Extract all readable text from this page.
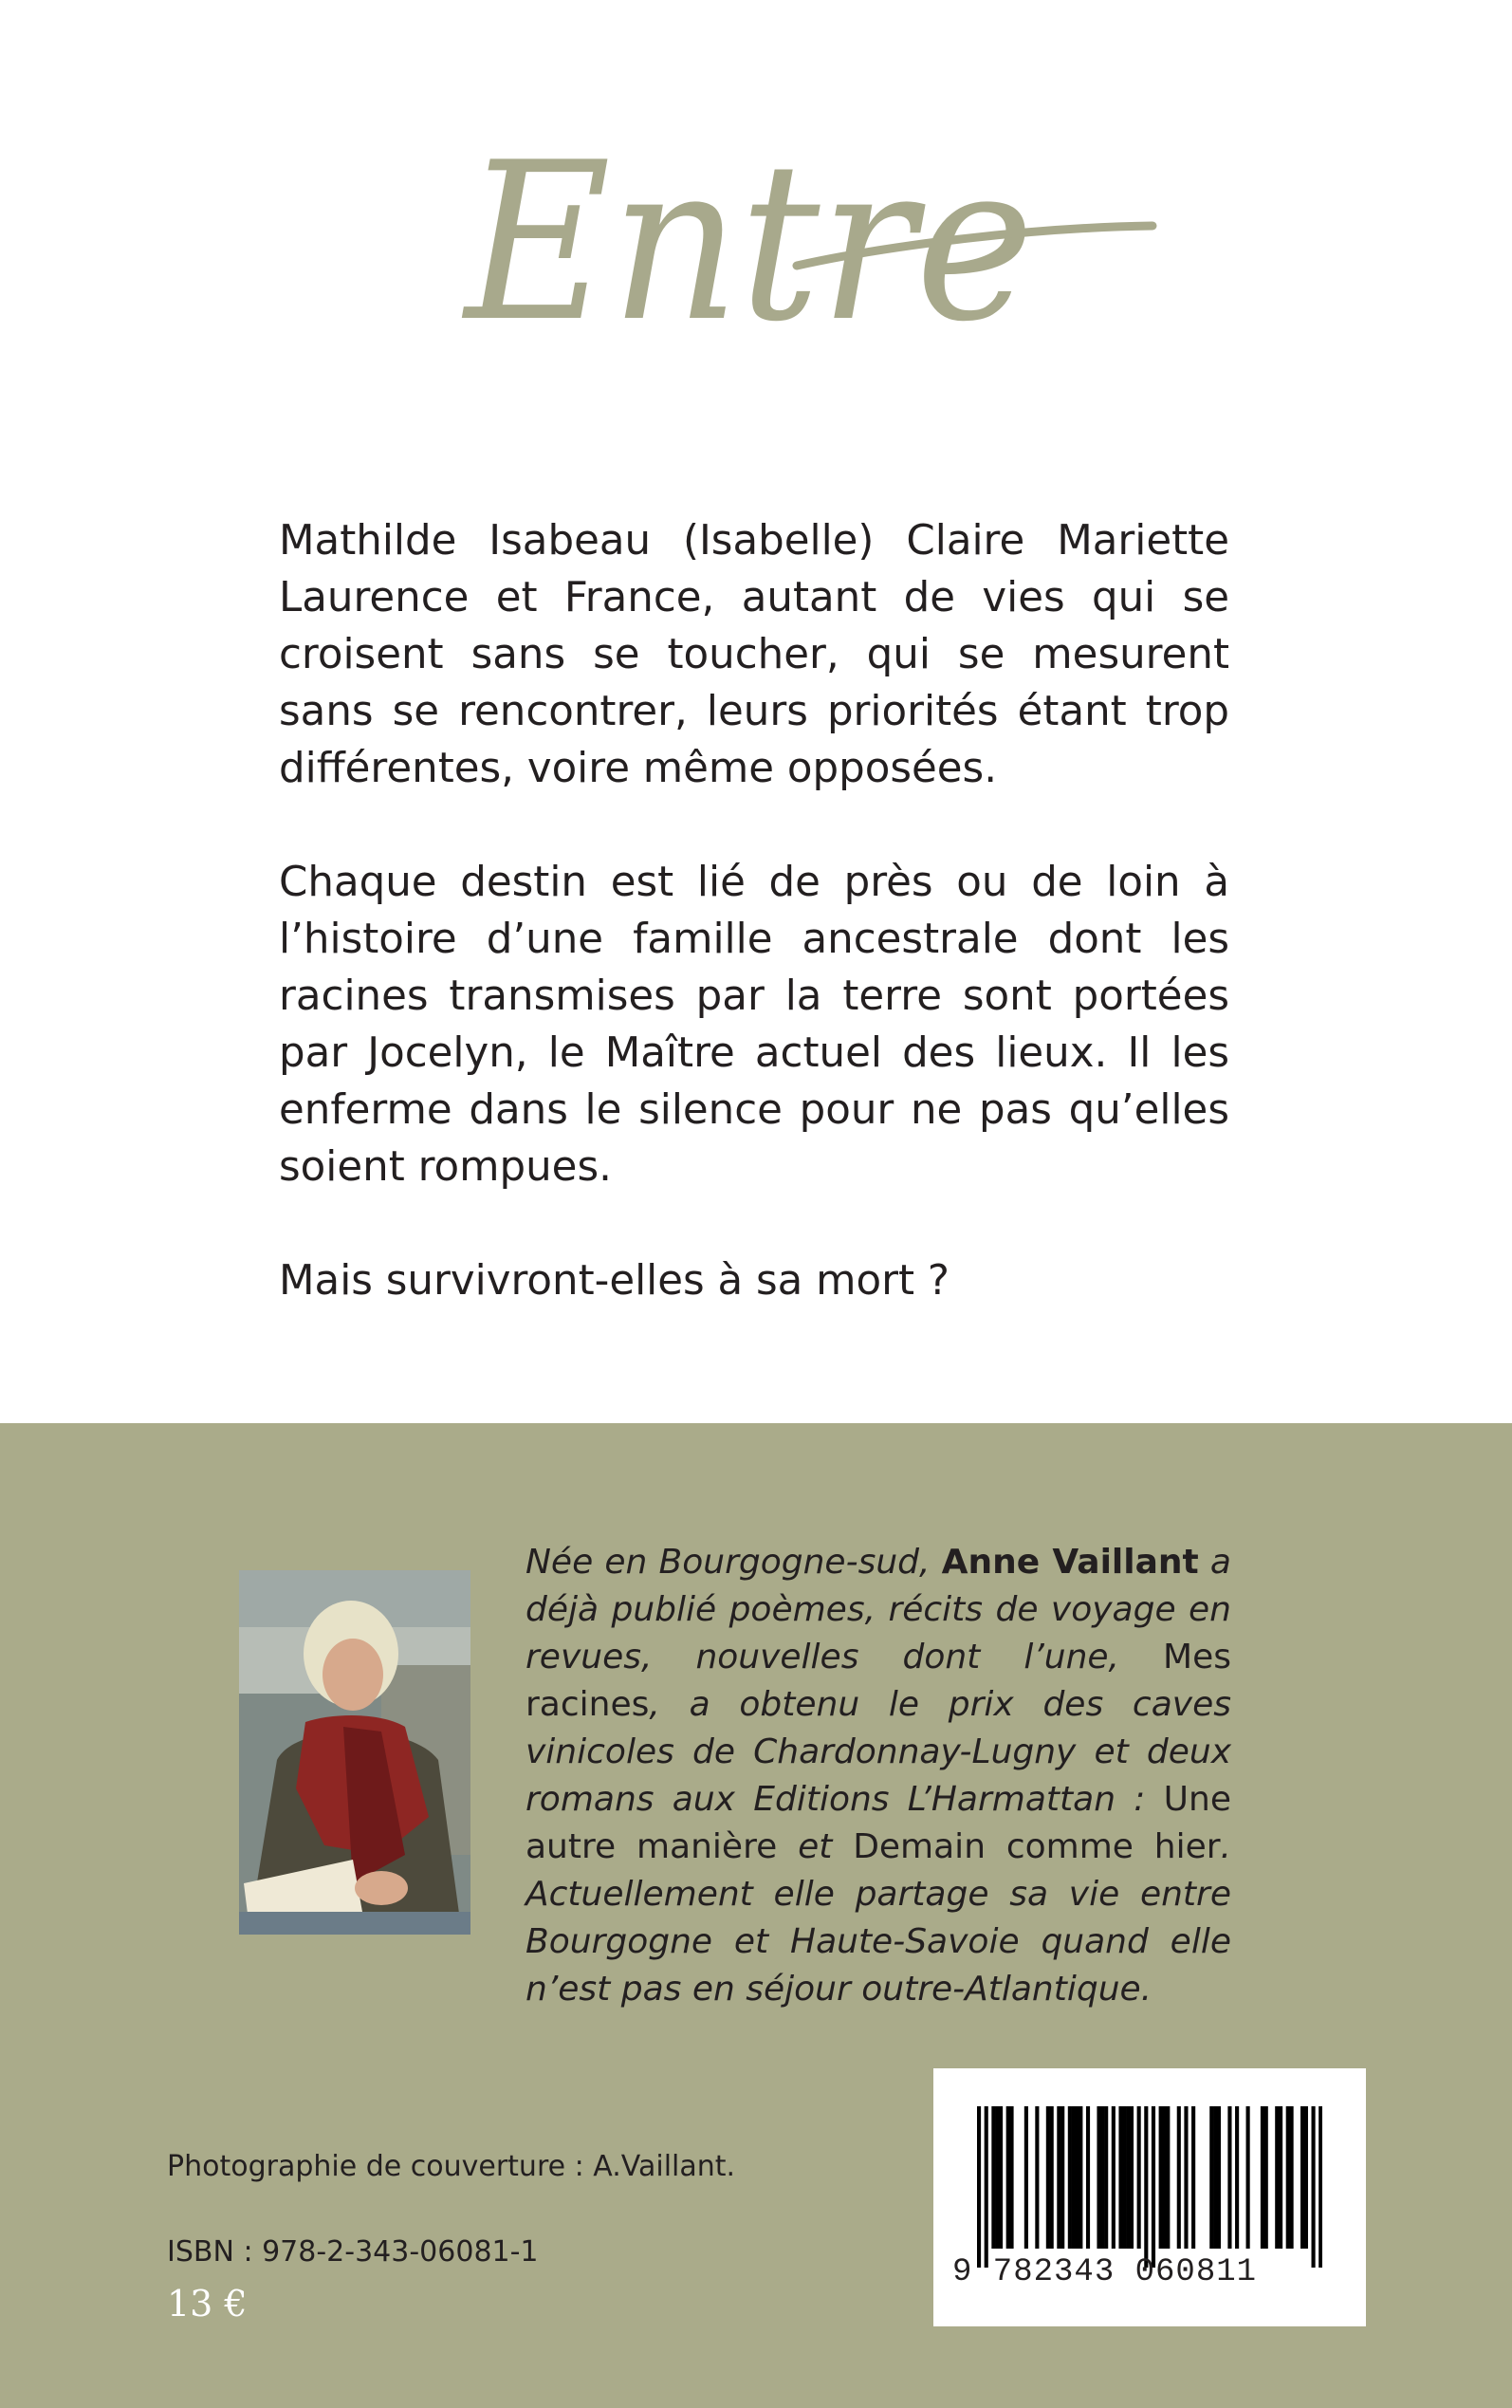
Entre

Mathilde Isabeau (Isabelle) Claire Mariette Laurence et France, autant de vies qui se croisent sans se toucher, qui se mesurent sans se rencontrer, leurs priorités étant trop différentes, voire même opposées.

Chaque destin est lié de près ou de loin à l’histoire d’une famille ancestrale dont les racines transmises par la terre sont portées par Jocelyn, le Maître actuel des lieux. Il les enferme dans le silence pour ne pas qu’elles soient rompues.

Mais survivront-elles à sa mort ?

Née en Bourgogne-sud, Anne Vaillant a déjà publié poèmes, récits de voyage en revues, nouvelles dont l’une, Mes racines, a obtenu le prix des caves vinicoles de Chardonnay-Lugny et deux romans aux Editions L’Harmattan : Une autre manière et Demain comme hier. Actuellement elle partage sa vie entre Bourgogne et Haute-Savoie quand elle n’est pas en séjour outre-Atlantique.

Photographie de couverture : A.Vaillant.
ISBN : 978-2-343-06081-1
13 €
9 782343 060811
